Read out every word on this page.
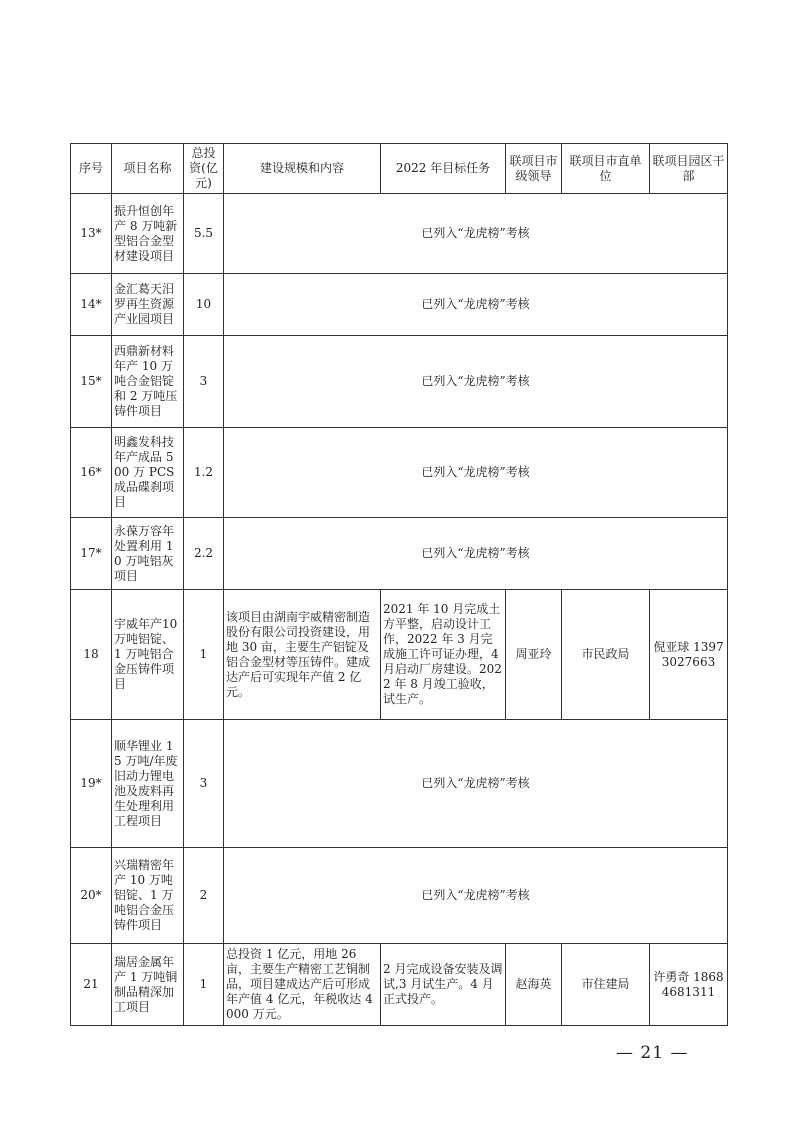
序号	项目名称	总投资(亿元)	建设规模和内容	2022 年目标任务	联项目市级领导	联项目市直单位	联项目园区干部
13*	振升恒创年产 8 万吨新型铝合金型材建设项目	5.5	已列入“龙虎榜”考核				
14*	金汇葛天汨罗再生资源产业园项目	10	已列入“龙虎榜”考核				
15*	西鼎新材料年产 10 万吨合金铝锭和 2 万吨压铸件项目	3	已列入“龙虎榜”考核				
16*	明鑫发科技年产成品 500 万 PCS 成品碟刹项目	1.2	已列入“龙虎榜”考核				
17*	永葆万容年处置利用 10 万吨铝灰项目	2.2	已列入“龙虎榜”考核				
18	宇威年产10 万吨铝锭、1 万吨铝合金压铸件项目	1	该项目由湖南宇威精密制造股份有限公司投资建设，用地 30 亩，主要生产铝锭及铝合金型材等压铸件。建成达产后可实现年产值 2 亿元。	2021 年 10 月完成土方平整，启动设计工作，2022 年 3 月完成施工许可证办理，4 月启动厂房建设。2022 年 8 月竣工验收，试生产。	周亚玲	市民政局	倪亚球 13973027663
19*	顺华锂业 15 万吨/年废旧动力锂电池及废料再生处理利用工程项目	3	已列入“龙虎榜”考核				
20*	兴瑞精密年产 10 万吨铝锭、1 万吨铝合金压铸件项目	2	已列入“龙虎榜”考核				
21	瑞居金属年产 1 万吨铜制品精深加工项目	1	总投资 1 亿元，用地 26 亩，主要生产精密工艺铜制品，项目建成达产后可形成年产值 4 亿元，年税收达 4000 万元。	2 月完成设备安装及调试,3 月试生产。4 月正式投产。	赵海英	市住建局	许勇奇 18684681311
— 21 —
